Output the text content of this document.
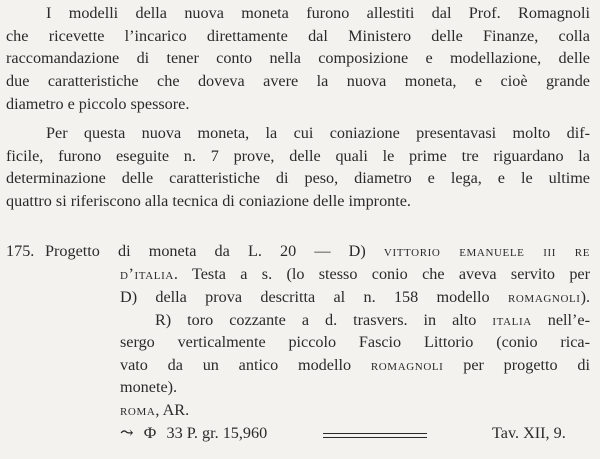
I modelli della nuova moneta furono allestiti dal Prof. Romagnoli
che ricevette l’incarico direttamente dal Ministero delle Finanze, colla
raccomandazione di tener conto nella composizione e modellazione, delle
due caratteristiche che doveva avere la nuova moneta, e cioè grande
diametro e piccolo spessore.
Per questa nuova moneta, la cui coniazione presentavasi molto dif-
ficile, furono eseguite n. 7 prove, delle quali le prime tre riguardano la
determinazione delle caratteristiche di peso, diametro e lega, e le ultime
quattro si riferiscono alla tecnica di coniazione delle impronte.
175. Progetto di moneta da L. 20 — D) vittorio emanuele iii re
d’italia. Testa a s. (lo stesso conio che aveva servito per
D) della prova descritta al n. 158 modello romagnoli).
R) toro cozzante a d. trasvers. in alto italia nell’e-
sergo verticalmente piccolo Fascio Littorio (conio rica-
vato da un antico modello romagnoli per progetto di
monete).
roma, AR.
⤳ Ф 33 P. gr. 15,960	Tav. XII, 9.
